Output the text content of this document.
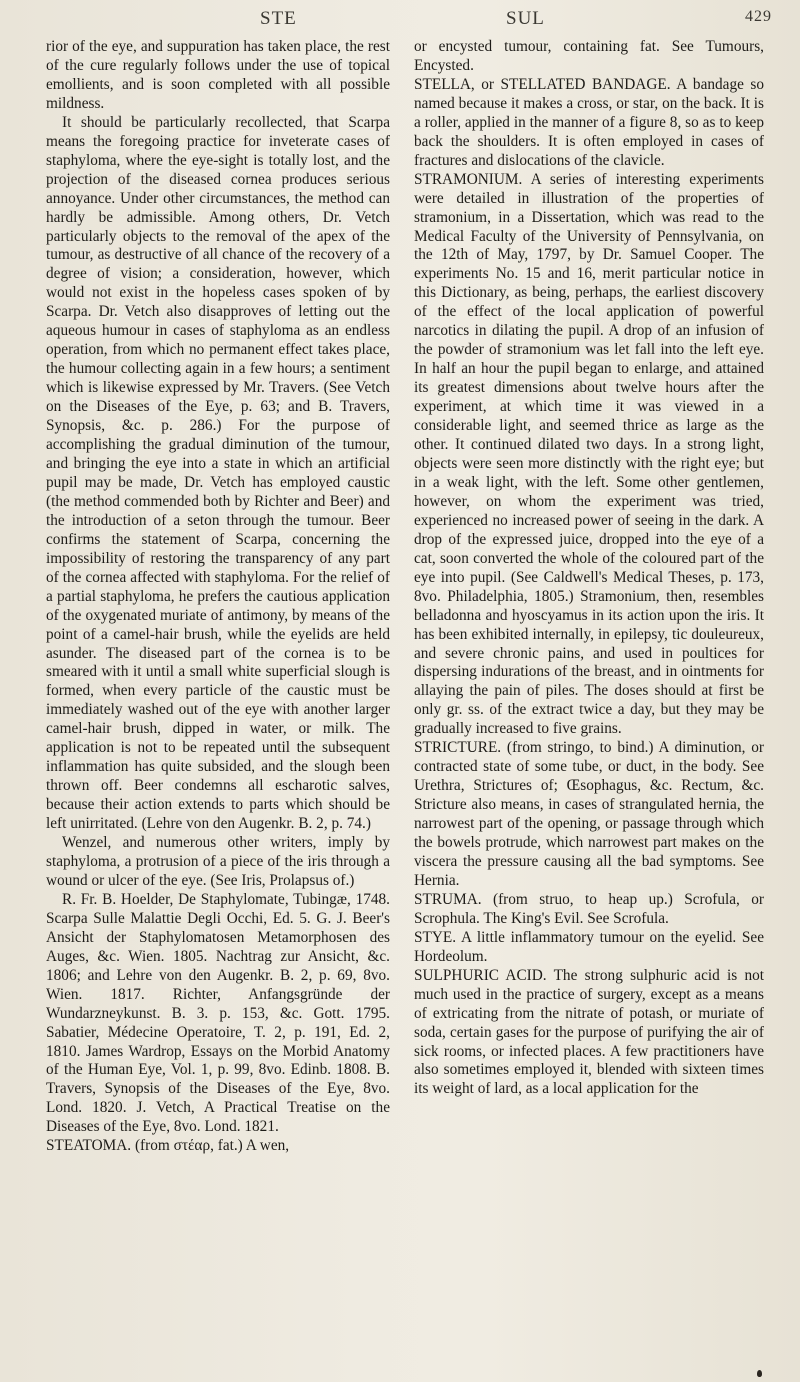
STE	SUL	429

rior of the eye, and suppuration has taken place, the rest of the cure regularly follows under the use of topical emollients, and is soon completed with all possible mildness.

It should be particularly recollected, that Scarpa means the foregoing practice for inveterate cases of staphyloma, where the eye-sight is totally lost, and the projection of the diseased cornea produces serious annoyance. Under other circumstances, the method can hardly be admissible. Among others, Dr. Vetch particularly objects to the removal of the apex of the tumour, as destructive of all chance of the recovery of a degree of vision; a consideration, however, which would not exist in the hopeless cases spoken of by Scarpa. Dr. Vetch also disapproves of letting out the aqueous humour in cases of staphyloma as an endless operation, from which no permanent effect takes place, the humour collecting again in a few hours; a sentiment which is likewise expressed by Mr. Travers. (See Vetch on the Diseases of the Eye, p. 63; and B. Travers, Synopsis, &c. p. 286.) For the purpose of accomplishing the gradual diminution of the tumour, and bringing the eye into a state in which an artificial pupil may be made, Dr. Vetch has employed caustic (the method commended both by Richter and Beer) and the introduction of a seton through the tumour. Beer confirms the statement of Scarpa, concerning the impossibility of restoring the transparency of any part of the cornea affected with staphyloma. For the relief of a partial staphyloma, he prefers the cautious application of the oxygenated muriate of antimony, by means of the point of a camel-hair brush, while the eyelids are held asunder. The diseased part of the cornea is to be smeared with it until a small white superficial slough is formed, when every particle of the caustic must be immediately washed out of the eye with another larger camel-hair brush, dipped in water, or milk. The application is not to be repeated until the subsequent inflammation has quite subsided, and the slough been thrown off. Beer condemns all escharotic salves, because their action extends to parts which should be left unirritated. (Lehre von den Augenkr. B. 2, p. 74.)

Wenzel, and numerous other writers, imply by staphyloma, a protrusion of a piece of the iris through a wound or ulcer of the eye. (See Iris, Prolapsus of.)

R. Fr. B. Hoelder, De Staphylomate, Tubingæ, 1748. Scarpa Sulle Malattie Degli Occhi, Ed. 5. G. J. Beer's Ansicht der Staphylomatosen Metamorphosen des Auges, &c. Wien. 1805. Nachtrag zur Ansicht, &c. 1806; and Lehre von den Augenkr. B. 2, p. 69, 8vo. Wien. 1817. Richter, Anfangsgründe der Wundarzneykunst. B. 3. p. 153, &c. Gott. 1795. Sabatier, Médecine Operatoire, T. 2, p. 191, Ed. 2, 1810. James Wardrop, Essays on the Morbid Anatomy of the Human Eye, Vol. 1, p. 99, 8vo. Edinb. 1808. B. Travers, Synopsis of the Diseases of the Eye, 8vo. Lond. 1820. J. Vetch, A Practical Treatise on the Diseases of the Eye, 8vo. Lond. 1821.

STEATOMA. (from στέαρ, fat.) A wen,

or encysted tumour, containing fat. See Tumours, Encysted.

STELLA, or STELLATED BANDAGE. A bandage so named because it makes a cross, or star, on the back. It is a roller, applied in the manner of a figure 8, so as to keep back the shoulders. It is often employed in cases of fractures and dislocations of the clavicle.

STRAMONIUM. A series of interesting experiments were detailed in illustration of the properties of stramonium, in a Dissertation, which was read to the Medical Faculty of the University of Pennsylvania, on the 12th of May, 1797, by Dr. Samuel Cooper. The experiments No. 15 and 16, merit particular notice in this Dictionary, as being, perhaps, the earliest discovery of the effect of the local application of powerful narcotics in dilating the pupil. A drop of an infusion of the powder of stramonium was let fall into the left eye. In half an hour the pupil began to enlarge, and attained its greatest dimensions about twelve hours after the experiment, at which time it was viewed in a considerable light, and seemed thrice as large as the other. It continued dilated two days. In a strong light, objects were seen more distinctly with the right eye; but in a weak light, with the left. Some other gentlemen, however, on whom the experiment was tried, experienced no increased power of seeing in the dark. A drop of the expressed juice, dropped into the eye of a cat, soon converted the whole of the coloured part of the eye into pupil. (See Caldwell's Medical Theses, p. 173, 8vo. Philadelphia, 1805.) Stramonium, then, resembles belladonna and hyoscyamus in its action upon the iris. It has been exhibited internally, in epilepsy, tic douleureux, and severe chronic pains, and used in poultices for dispersing indurations of the breast, and in ointments for allaying the pain of piles. The doses should at first be only gr. ss. of the extract twice a day, but they may be gradually increased to five grains.

STRICTURE. (from stringo, to bind.) A diminution, or contracted state of some tube, or duct, in the body. See Urethra, Strictures of; Œsophagus, &c. Rectum, &c. Stricture also means, in cases of strangulated hernia, the narrowest part of the opening, or passage through which the bowels protrude, which narrowest part makes on the viscera the pressure causing all the bad symptoms. See Hernia.

STRUMA. (from struo, to heap up.) Scrofula, or Scrophula. The King's Evil. See Scrofula.

STYE. A little inflammatory tumour on the eyelid. See Hordeolum.

SULPHURIC ACID. The strong sulphuric acid is not much used in the practice of surgery, except as a means of extricating from the nitrate of potash, or muriate of soda, certain gases for the purpose of purifying the air of sick rooms, or infected places. A few practitioners have also sometimes employed it, blended with sixteen times its weight of lard, as a local application for the
